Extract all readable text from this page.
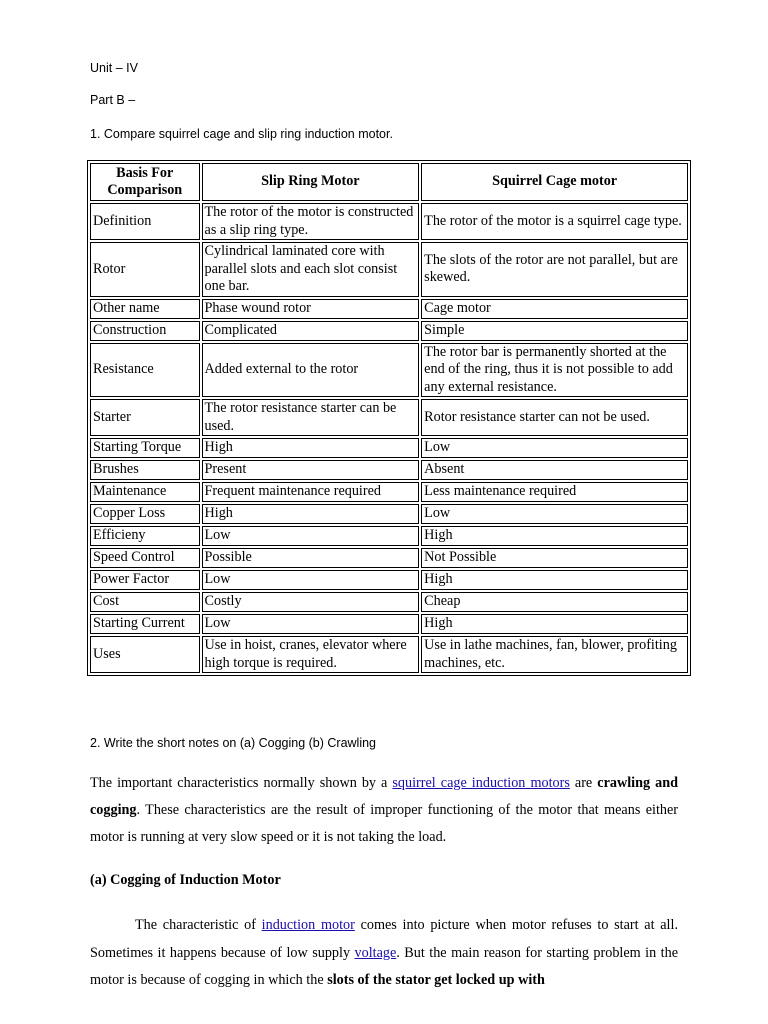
Unit – IV
Part B –
1. Compare squirrel cage and slip ring induction motor.
Basis For Comparison	Slip Ring Motor	Squirrel Cage motor
Definition	The rotor of the motor is constructed as a slip ring type.	The rotor of the motor is a squirrel cage type.
Rotor	Cylindrical laminated core with parallel slots and each slot consist one bar.	The slots of the rotor are not parallel, but are skewed.
Other name	Phase wound rotor	Cage motor
Construction	Complicated	Simple
Resistance	Added external to the rotor	The rotor bar is permanently shorted at the end of the ring, thus it is not possible to add any external resistance.
Starter	The rotor resistance starter can be used.	Rotor resistance starter can not be used.
Starting Torque	High	Low
Brushes	Present	Absent
Maintenance	Frequent maintenance required	Less maintenance required
Copper Loss	High	Low
Efficieny	Low	High
Speed Control	Possible	Not Possible
Power Factor	Low	High
Cost	Costly	Cheap
Starting Current	Low	High
Uses	Use in hoist, cranes, elevator where high torque is required.	Use in lathe machines, fan, blower, profiting machines, etc.
2. Write the short notes on (a) Cogging (b) Crawling
The important characteristics normally shown by a squirrel cage induction motors are crawling and cogging. These characteristics are the result of improper functioning of the motor that means either motor is running at very slow speed or it is not taking the load.
(a) Cogging of Induction Motor
The characteristic of induction motor comes into picture when motor refuses to start at all. Sometimes it happens because of low supply voltage. But the main reason for starting problem in the motor is because of cogging in which the slots of the stator get locked up with
